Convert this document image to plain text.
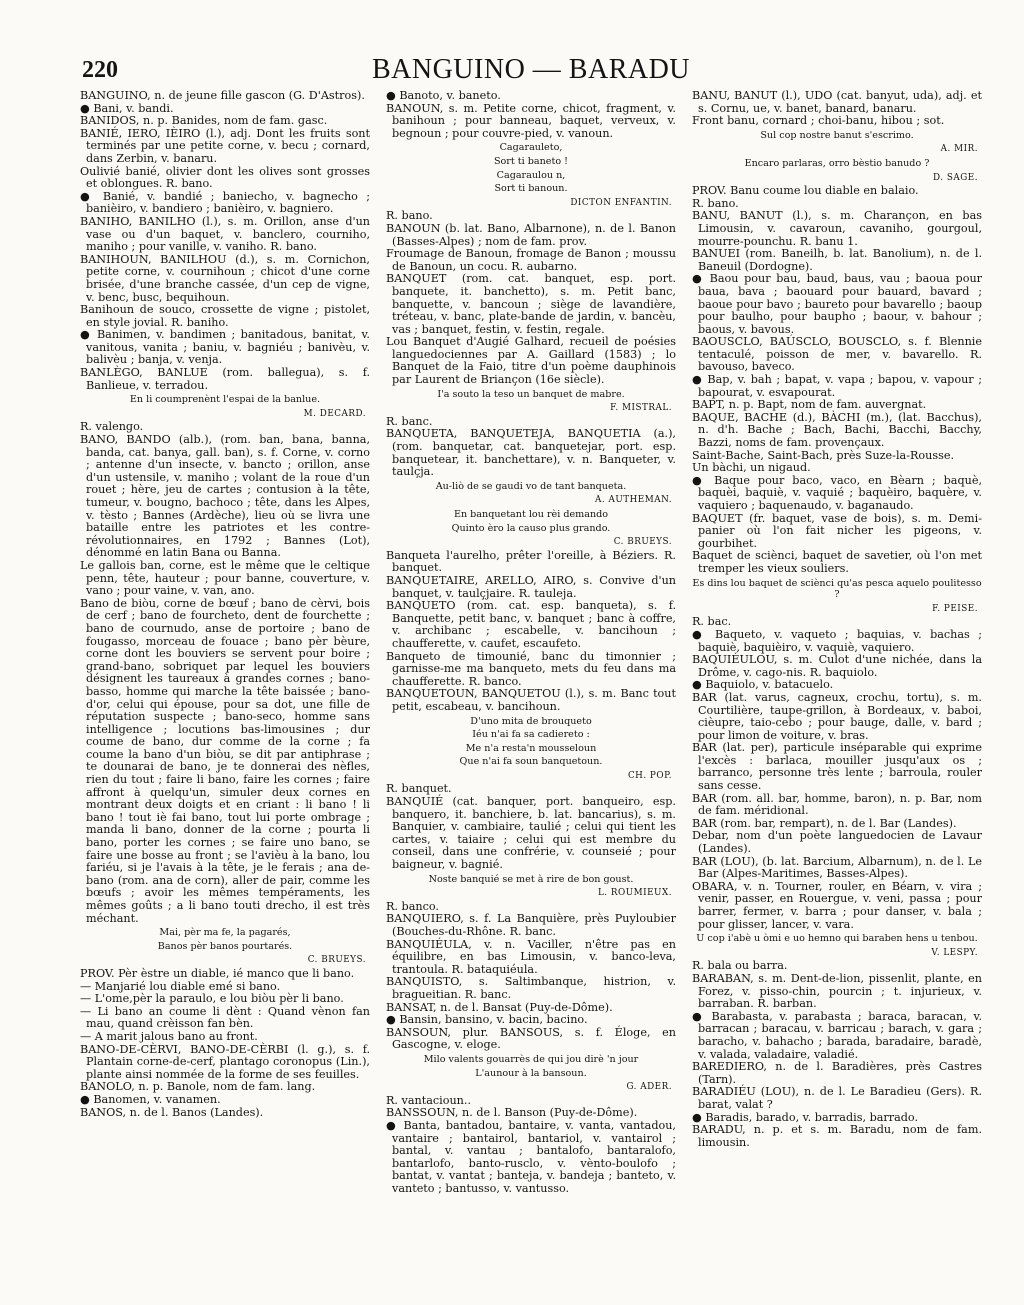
220	BANGUINO — BARADU

BANGUINO, n. de jeune fille gascon (G. D'Astros).

● Bani, v. bandi.

BANIDOS, n. p. Banides, nom de fam. gasc.

BANIÉ, IERO, IÈIRO (l.), adj. Dont les fruits sont terminés par une petite corne, v. becu ; cornard, dans Zerbin, v. banaru.

Oulivié banié, olivier dont les olives sont grosses et oblongues. R. bano.

● Banié, v. bandié ; baniecho, v. bagnecho ; banièiro, v. bandiero ; banièiro, v. bagniero.

BANIHO, BANILHO (l.), s. m. Orillon, anse d'un vase ou d'un baquet, v. banclero, courniho, maniho ; pour vanille, v. vaniho. R. bano.

BANIHOUN, BANILHOU (d.), s. m. Cornichon, petite corne, v. cournihoun ; chicot d'une corne brisée, d'une branche cassée, d'un cep de vigne, v. benc, busc, bequihoun.

Banihoun de souco, crossette de vigne ; pistolet, en style jovial. R. baniho.

● Banimen, v. bandimen ; banitadous, banitat, v. vanitous, vanita ; baniu, v. bagniéu ; banivèu, v. balivèu ; banja, v. venja.

BANLÈGO, BANLUE (rom. ballegua), s. f. Banlieue, v. terradou.

En li coumprenènt l'espai de la banlue.

M. DECARD.

R. valengo.

BANO, BANDO (alb.), (rom. ban, bana, banna, banda, cat. banya, gall. ban), s. f. Corne, v. corno ; antenne d'un insecte, v. bancto ; orillon, anse d'un ustensile, v. maniho ; volant de la roue d'un rouet ; hère, jeu de cartes ; contusion à la tête, tumeur, v. bougno, bachoco ; tête, dans les Alpes, v. tèsto ; Bannes (Ardèche), lieu où se livra une bataille entre les patriotes et les contre-révolutionnaires, en 1792 ; Bannes (Lot), dénommé en latin Bana ou Banna.

Le gallois ban, corne, est le même que le celtique penn, tête, hauteur ; pour banne, couverture, v. vano ; pour vaine, v. van, ano.

Bano de biòu, corne de bœuf ; bano de cèrvi, bois de cerf ; bano de fourcheto, dent de fourchette ; bano de cournudo, anse de portoire ; bano de fougasso, morceau de fouace ; bano pèr bèure, corne dont les bouviers se servent pour boire ; grand-bano, sobriquet par lequel les bouviers désignent les taureaux à grandes cornes ; bano-basso, homme qui marche la tête baissée ; bano-d'or, celui qui épouse, pour sa dot, une fille de réputation suspecte ; bano-seco, homme sans intelligence ; locutions bas-limousines ; dur coume de bano, dur comme de la corne ; fa coume la bano d'un biòu, se dit par antiphrase ; te dounarai de bano, je te donnerai des nèfles, rien du tout ; faire li bano, faire les cornes ; faire affront à quelqu'un, simuler deux cornes en montrant deux doigts et en criant : li bano ! li bano ! tout iè fai bano, tout lui porte ombrage ; manda li bano, donner de la corne ; pourta li bano, porter les cornes ; se faire uno bano, se faire une bosse au front ; se l'avièu à la bano, lou fariéu, si je l'avais à la tête, je le ferais ; ana de-bano (rom. ana de corn), aller de pair, comme les bœufs ; avoir les mêmes tempéraments, les mêmes goûts ; a li bano touti drecho, il est très méchant.

Mai, pèr ma fe, la pagarés,

Banos pèr banos pourtarés.

C. BRUEYS.

PROV. Pèr èstre un diable, ié manco que li bano.

— Manjarié lou diable emé si bano.

— L'ome,pèr la paraulo, e lou biòu pèr li bano.

— Li bano an coume li dènt : Quand vènon fan mau, quand crèisson fan bèn.

— A marit jalous bano au front.

BANO-DE-CÈRVI, BANO-DE-CÈRBI (l. g.), s. f. Plantain corne-de-cerf, plantago coronopus (Lin.), plante ainsi nommée de la forme de ses feuilles.

BANOLO, n. p. Banole, nom de fam. lang.

● Banomen, v. vanamen.

BANOS, n. de l. Banos (Landes).

● Banoto, v. baneto.

BANOUN, s. m. Petite corne, chicot, fragment, v. banihoun ; pour banneau, baquet, verveux, v. begnoun ; pour couvre-pied, v. vanoun.

Cagarauleto,

Sort ti baneto !

Cagaraulou n,

Sort ti banoun.

DICTON ENFANTIN.

R. bano.

BANOUN (b. lat. Bano, Albarnone), n. de l. Banon (Basses-Alpes) ; nom de fam. prov.

Froumage de Banoun, fromage de Banon ; moussu de Banoun, un cocu. R. aubarno.

BANQUET (rom. cat. banquet, esp. port. banquete, it. banchetto), s. m. Petit banc, banquette, v. bancoun ; siège de lavandière, tréteau, v. banc, plate-bande de jardin, v. bancèu, vas ; banquet, festin, v. festin, regale.

Lou Banquet d'Augié Galhard, recueil de poésies languedociennes par A. Gaillard (1583) ; lo Banquet de la Faio, titre d'un poème dauphinois par Laurent de Briançon (16e siècle).

I'a souto la teso un banquet de mabre.

F. MISTRAL.

R. banc.

BANQUETA, BANQUETEJA, BANQUETIA (a.), (rom. banquetar, cat. banquetejar, port. esp. banquetear, it. banchettare), v. n. Banqueter, v. taulçja.

Au-liò de se gaudi vo de tant banqueta.

A. AUTHEMAN.

En banquetant lou rèi demando

Quinto èro la causo plus grando.

C. BRUEYS.

Banqueta l'aurelho, prêter l'oreille, à Béziers. R. banquet.

BANQUETAIRE, ARELLO, AIRO, s. Convive d'un banquet, v. taulçjaire. R. tauleja.

BANQUETO (rom. cat. esp. banqueta), s. f. Banquette, petit banc, v. banquet ; banc à coffre, v. archibanc ; escabelle, v. bancihoun ; chaufferette, v. caufet, escaufeto.

Banqueto de timounié, banc du timonnier ; garnisse-me ma banqueto, mets du feu dans ma chaufferette. R. banco.

BANQUETOUN, BANQUETOU (l.), s. m. Banc tout petit, escabeau, v. bancihoun.

D'uno mita de brouqueto

Iéu n'ai fa sa cadiereto :

Me n'a resta'n mousseloun

Que n'ai fa soun banquetoun.

CH. POP.

R. banquet.

BANQUIÉ (cat. banquer, port. banqueiro, esp. banquero, it. banchiere, b. lat. bancarius), s. m. Banquier, v. cambiaire, taulié ; celui qui tient les cartes, v. taiaire ; celui qui est membre du conseil, dans une confrérie, v. counseié ; pour baigneur, v. bagnié.

Noste banquié se met à rire de bon goust.

L. ROUMIEUX.

R. banco.

BANQUIERO, s. f. La Banquière, près Puyloubier (Bouches-du-Rhône. R. banc.

BANQUIÉULA, v. n. Vaciller, n'être pas en équilibre, en bas Limousin, v. banco-leva, trantoula. R. bataquiéula.

BANQUISTO, s. Saltimbanque, histrion, v. bragueitian. R. banc.

BANSAT, n. de l. Bansat (Puy-de-Dôme).

● Bansin, bansino, v. bacin, bacino.

BANSOUN, plur. BANSOUS, s. f. Éloge, en Gascogne, v. eloge.

Milo valents gouarrès de qui jou dirè 'n jour

L'aunour à la bansoun.

G. ADER.

R. vantacioun..

BANSSOUN, n. de l. Banson (Puy-de-Dôme).

● Banta, bantadou, bantaire, v. vanta, vantadou, vantaire ; bantairol, bantariol, v. vantairol ; bantal, v. vantau ; bantalofo, bantaralofo, bantarlofo, banto-rusclo, v. vènto-boulofo ; bantat, v. vantat ; banteja, v. bandeja ; banteto, v. vanteto ; bantusso, v. vantusso.

BANU, BANUT (l.), UDO (cat. banyut, uda), adj. et s. Cornu, ue, v. banet, banard, banaru.

Front banu, cornard ; choi-banu, hibou ; sot.

Sul cop nostre banut s'escrimo.

A. MIR.

Encaro parlaras, orro bèstio banudo ?

D. SAGE.

PROV. Banu coume lou diable en balaio.

R. bano.

BANU, BANUT (l.), s. m. Charançon, en bas Limousin, v. cavaroun, cavaniho, gourgoul, mourre-pounchu. R. banu 1.

BANUEI (rom. Baneilh, b. lat. Banolium), n. de l. Baneuil (Dordogne).

● Baou pour bau, baud, baus, vau ; baoua pour baua, bava ; baouard pour bauard, bavard ; baoue pour bavo ; baureto pour bavarello ; baoup pour baulho, pour baupho ; baour, v. bahour ; baous, v. bavous.

BAOUSCLO, BAÚSCLO, BOUSCLO, s. f. Blennie tentaculé, poisson de mer, v. bavarello. R. bavouso, baveco.

● Bap, v. bah ; bapat, v. vapa ; bapou, v. vapour ; bapourat, v. esvapourat.

BAPT, n. p. Bapt, nom de fam. auvergnat.

BAQUE, BACHE (d.), BÀCHI (m.), (lat. Bacchus), n. d'h. Bache ; Bach, Bachi, Bacchi, Bacchy, Bazzi, noms de fam. provençaux.

Saint-Bache, Saint-Bach, près Suze-la-Rousse.

Un bàchi, un nigaud.

● Baque pour baco, vaco, en Bèarn ; baquè, baquèi, baquiè, v. vaquié ; baquèiro, baquère, v. vaquiero ; baquenaudo, v. baganaudo.

BAQUET (fr. baquet, vase de bois), s. m. Demi-panier où l'on fait nicher les pigeons, v. gourbihet.

Baquet de sciènci, baquet de savetier, où l'on met tremper les vieux souliers.

Es dins lou baquet de sciènci qu'as pesca aquelo poulitesso ?

F. PEISE.

R. bac.

● Baqueto, v. vaqueto ; baquias, v. bachas ; baquiè, baquièiro, v. vaquiè, vaquiero.

BAQUIÉULOU, s. m. Culot d'une nichée, dans la Drôme, v. cago-nis. R. baquiolo.

● Baquiolo, v. batacuelo.

BAR (lat. varus, cagneux, crochu, tortu), s. m. Courtilière, taupe-grillon, à Bordeaux, v. baboi, cièupre, taio-cebo ; pour bauge, dalle, v. bard ; pour limon de voiture, v. bras.

BAR (lat. per), particule inséparable qui exprime l'excès : barlaca, mouiller jusqu'aux os ; barranco, personne très lente ; barroula, rouler sans cesse.

BAR (rom. all. bar, homme, baron), n. p. Bar, nom de fam. méridional.

BAR (rom. bar, rempart), n. de l. Bar (Landes).

Debar, nom d'un poète languedocien de Lavaur (Landes).

BAR (LOU), (b. lat. Barcium, Albarnum), n. de l. Le Bar (Alpes-Maritimes, Basses-Alpes).

OBARA, v. n. Tourner, rouler, en Béarn, v. vira ; venir, passer, en Rouergue, v. veni, passa ; pour barrer, fermer, v. barra ; pour danser, v. bala ; pour glisser, lancer, v. vara.

U cop i'abè u òmi e uo hemno qui baraben hens u tenbou.

V. LESPY.

R. bala ou barra.

BARABAN, s. m. Dent-de-lion, pissenlit, plante, en Forez, v. pisso-chin, pourcin ; t. injurieux, v. barraban. R. barban.

● Barabasta, v. parabasta ; baraca, baracan, v. barracan ; baracau, v. barricau ; barach, v. gara ; baracho, v. bahacho ; barada, baradaire, baradè, v. valada, valadaire, valadié.

BAREDIERO, n. de l. Baradières, près Castres (Tarn).

BARADIÉU (LOU), n. de l. Le Baradieu (Gers). R. barat, valat ?

● Baradis, barado, v. barradis, barrado.

BARADU, n. p. et s. m. Baradu, nom de fam. limousin.
